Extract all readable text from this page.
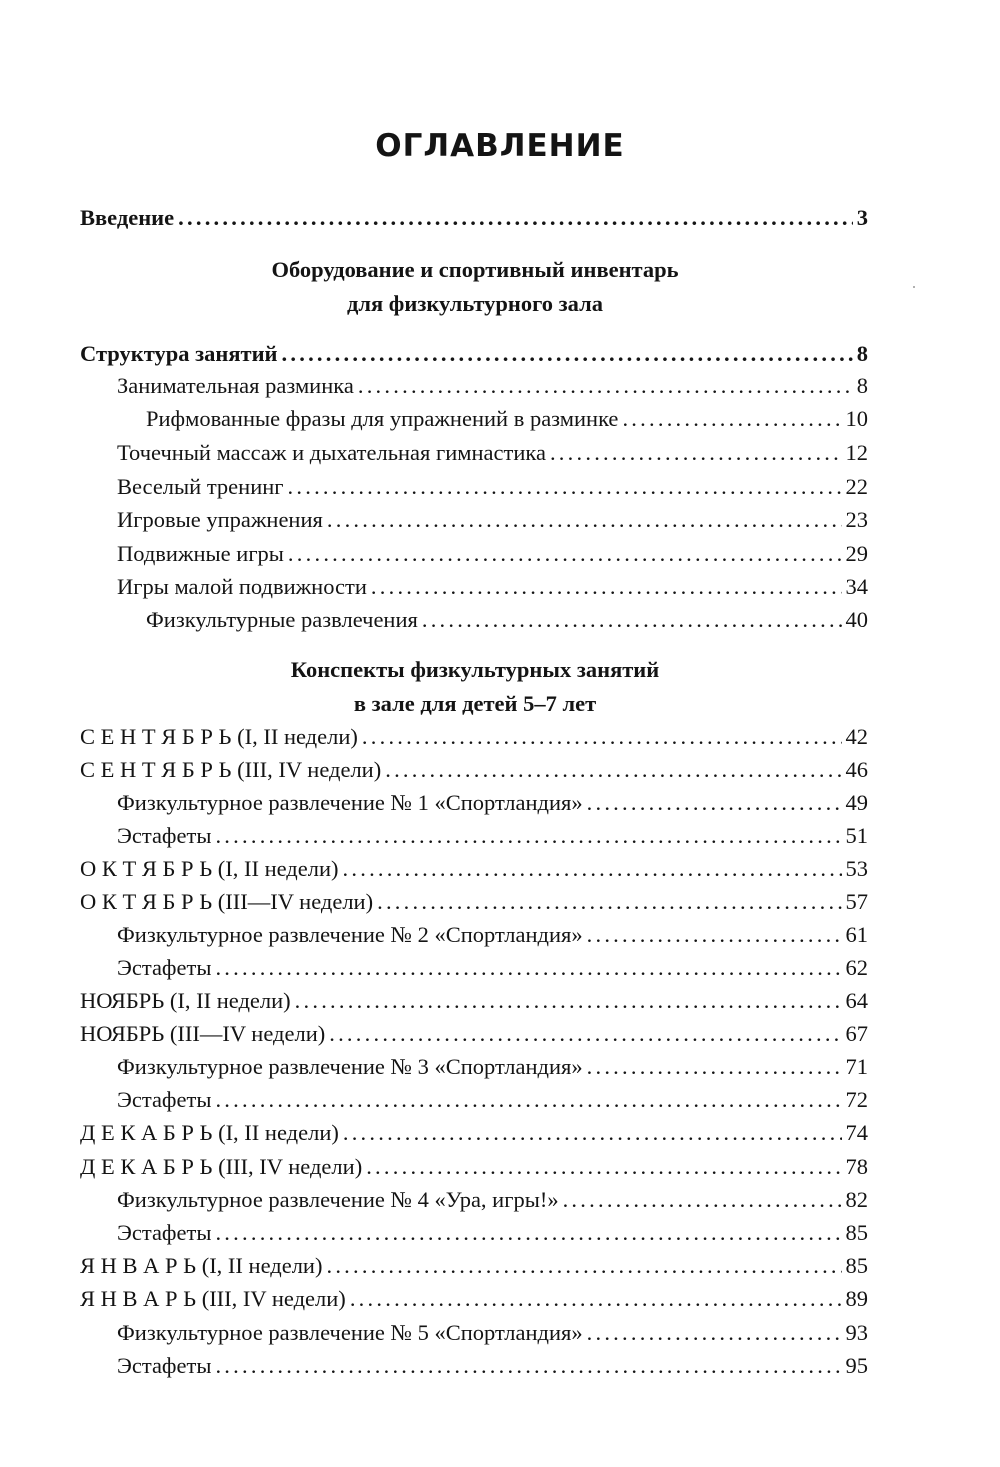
ОГЛАВЛЕНИЕ
Введение . . .	3

Оборудование и спортивный инвентарь

для физкультурного зала

Структура занятий . . .	8
Занимательная разминка . . .	8
Рифмованные фразы для упражнений в разминке . . .	10
Точечный массаж и дыхательная гимнастика . . .	12
Веселый тренинг . . .	22
Игровые упражнения . . .	23
Подвижные игры . . .	29
Игры малой подвижности . . .	34
Физкультурные развлечения . . .	40

Конспекты физкультурных занятий

в зале для детей 5–7 лет

С Е Н Т Я Б Р Ь (I, II недели) . . .	42
С Е Н Т Я Б Р Ь (III, IV недели) . . .	46
Физкультурное развлечение № 1 «Спортландия» . . .	49
Эстафеты . . .	51
О К Т Я Б Р Ь (I, II недели) . . .	53
О К Т Я Б Р Ь (III—IV недели) . . .	57
Физкультурное развлечение № 2 «Спортландия» . . .	61
Эстафеты . . .	62
НОЯБРЬ (I, II недели) . . .	64
НОЯБРЬ (III—IV недели) . . .	67
Физкультурное развлечение № 3 «Спортландия» . . .	71
Эстафеты . . .	72
Д Е К А Б Р Ь (I, II недели) . . .	74
Д Е К А Б Р Ь (III, IV недели) . . .	78
Физкультурное развлечение № 4 «Ура, игры!» . . .	82
Эстафеты . . .	85
Я Н В А Р Ь (I, II недели) . . .	85
Я Н В А Р Ь (III, IV недели) . . .	89
Физкультурное развлечение № 5 «Спортландия» . . .	93
Эстафеты . . .	95
